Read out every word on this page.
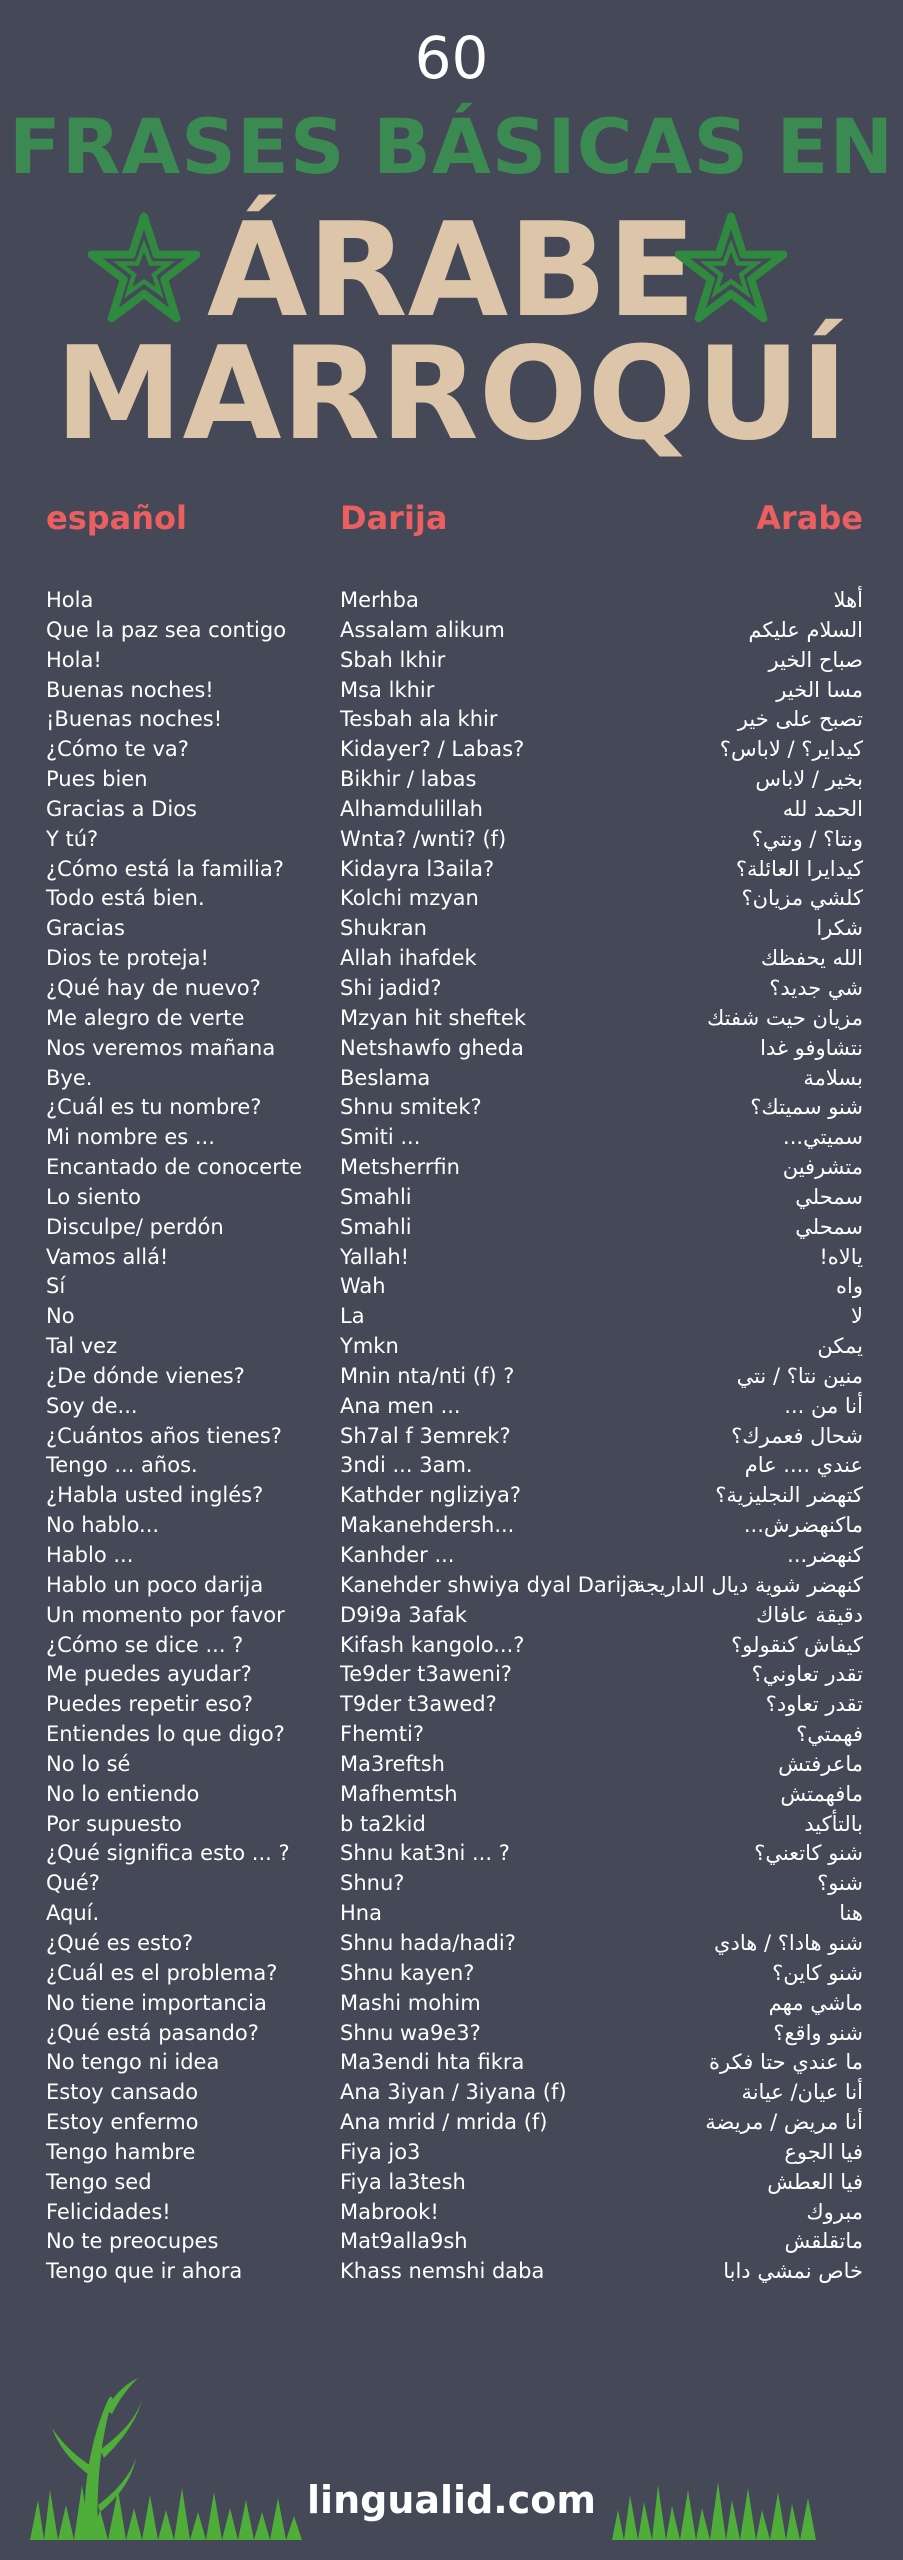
60
FRASES BÁSICAS EN
ÁRABE
MARROQUÍ
español	Darija	Arabe
Hola
Que la paz sea contigo
Hola!
Buenas noches!
¡Buenas noches!
¿Cómo te va?
Pues bien
Gracias a Dios
Y tú?
¿Cómo está la familia?
Todo está bien.
Gracias
Dios te proteja!
¿Qué hay de nuevo?
Me alegro de verte
Nos veremos mañana
Bye.
¿Cuál es tu nombre?
Mi nombre es ...
Encantado de conocerte
Lo siento
Disculpe/ perdón
Vamos allá!
Sí
No
Tal vez
¿De dónde vienes?
Soy de...
¿Cuántos años tienes?
Tengo ... años.
¿Habla usted inglés?
No hablo...
Hablo ...
Hablo un poco darija
Un momento por favor
¿Cómo se dice ... ?
Me puedes ayudar?
Puedes repetir eso?
Entiendes lo que digo?
No lo sé
No lo entiendo
Por supuesto
¿Qué significa esto ... ?
Qué?
Aquí.
¿Qué es esto?
¿Cuál es el problema?
No tiene importancia
¿Qué está pasando?
No tengo ni idea
Estoy cansado
Estoy enfermo
Tengo hambre
Tengo sed
Felicidades!
No te preocupes
Tengo que ir ahora
Merhba
Assalam alikum
Sbah lkhir
Msa lkhir
Tesbah ala khir
Kidayer? / Labas?
Bikhir / labas
Alhamdulillah
Wnta? /wnti? (f)
Kidayra l3aila?
Kolchi mzyan
Shukran
Allah ihafdek
Shi jadid?
Mzyan hit sheftek
Netshawfo gheda
Beslama
Shnu smitek?
Smiti ...
Metsherrfin
Smahli
Smahli
Yallah!
Wah
La
Ymkn
Mnin nta/nti (f) ?
Ana men ...
Sh7al f 3emrek?
3ndi ... 3am.
Kathder ngliziya?
Makanehdersh...
Kanhder ...
Kanehder shwiya dyal Darija
D9i9a 3afak
Kifash kangolo...?
Te9der t3aweni?
T9der t3awed?
Fhemti?
Ma3reftsh
Mafhemtsh
b ta2kid
Shnu kat3ni ... ?
Shnu?
Hna
Shnu hada/hadi?
Shnu kayen?
Mashi mohim
Shnu wa9e3?
Ma3endi hta fikra
Ana 3iyan / 3iyana (f)
Ana mrid / mrida (f)
Fiya jo3
Fiya la3tesh
Mabrook!
Mat9alla9sh
Khass nemshi daba
أهلا
السلام عليكم
صباح الخير
مسا الخير
تصبح على خير
كيداير؟ / لاباس؟
بخير / لاباس
الحمد لله
ونتا؟ / ونتي؟
كيدايرا العائلة؟
كلشي مزيان؟
شكرا
الله يحفظك
شي جديد؟
مزيان حيت شفتك
نتشاوفو غدا
بسلامة
شنو سميتك؟
سميتي...
متشرفين
سمحلي
سمحلي
يالاه!
واه
لا
يمكن
منين نتا؟ / نتي
أنا من ...
شحال فعمرك؟
عندي .... عام
كتهضر النجليزية؟
ماكنهضرش...
كنهضر...
كنهضر شوية ديال الداريجة
دقيقة عافاك
كيفاش كنقولو؟
تقدر تعاوني؟
تقدر تعاود؟
فهمتي؟
ماعرفتش
مافهمتش
بالتأكيد
شنو كاتعني؟
شنو؟
هنا
شنو هادا؟ / هادي
شنو كاين؟
ماشي مهم
شنو واقع؟
ما عندي حتا فكرة
أنا عيان/ عيانة
أنا مريض / مريضة
فيا الجوع
فيا العطش
مبروك
ماتقلقش
خاص نمشي دابا
lingualid.com
